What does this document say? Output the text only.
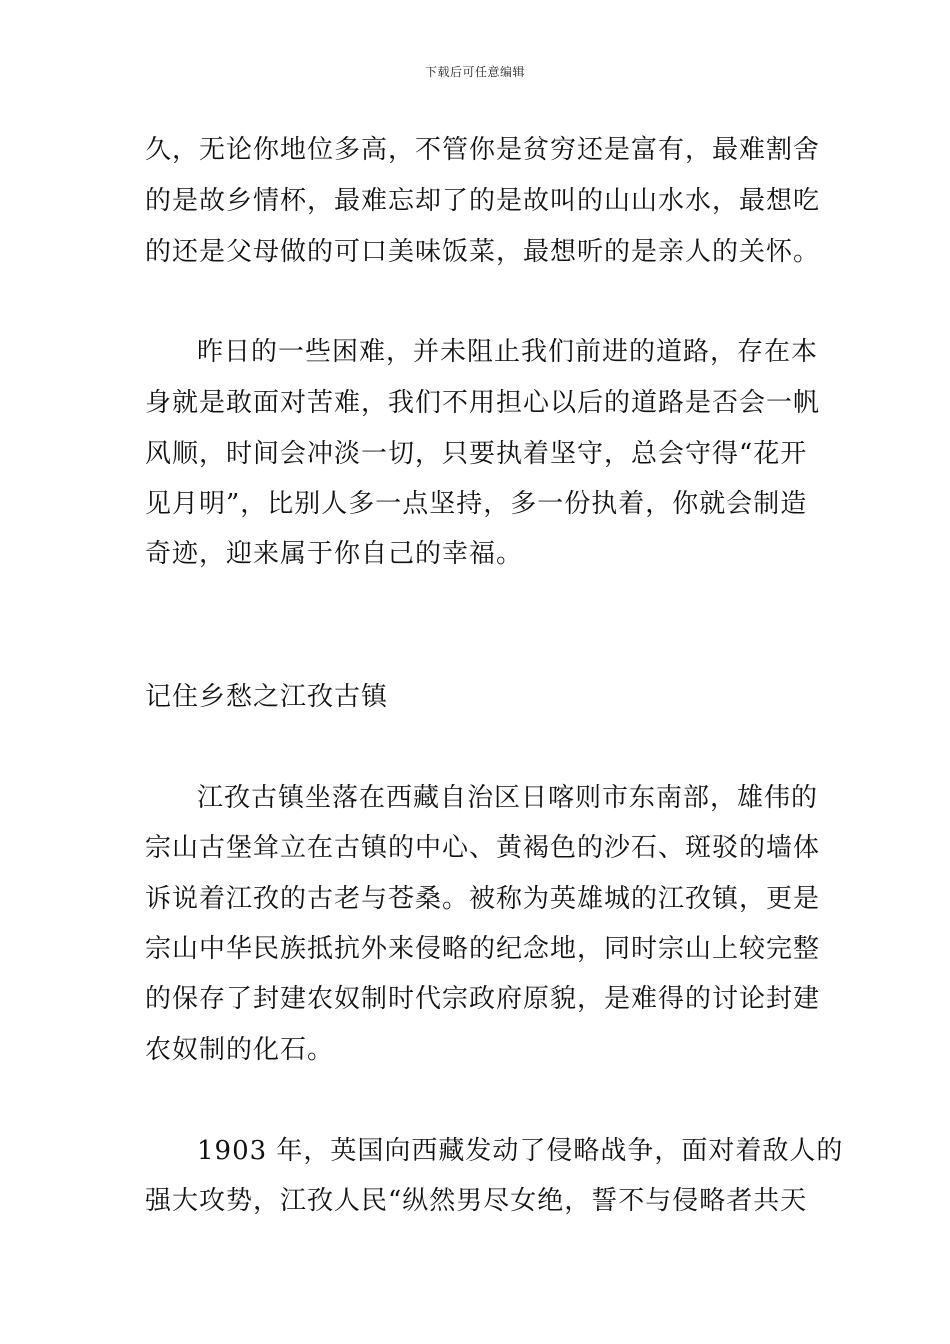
下载后可任意编辑
久，无论你地位多高，不管你是贫穷还是富有，最难割舍
的是故乡情杯，最难忘却了的是故叫的山山水水，最想吃
的还是父母做的可口美味饭菜，最想听的是亲人的关怀。
昨日的一些困难，并未阻止我们前进的道路，存在本
身就是敢面对苦难，我们不用担心以后的道路是否会一帆
风顺，时间会冲淡一切，只要执着坚守，总会守得“花开
见月明”，比别人多一点坚持，多一份执着，你就会制造
奇迹，迎来属于你自己的幸福。
记住乡愁之江孜古镇
江孜古镇坐落在西藏自治区日喀则市东南部，雄伟的
宗山古堡耸立在古镇的中心、黄褐色的沙石、斑驳的墙体
诉说着江孜的古老与苍桑。被称为英雄城的江孜镇，更是
宗山中华民族抵抗外来侵略的纪念地，同时宗山上较完整
的保存了封建农奴制时代宗政府原貌，是难得的讨论封建
农奴制的化石。
1903 年，英国向西藏发动了侵略战争，面对着敌人的
强大攻势，江孜人民“纵然男尽女绝，誓不与侵略者共天
